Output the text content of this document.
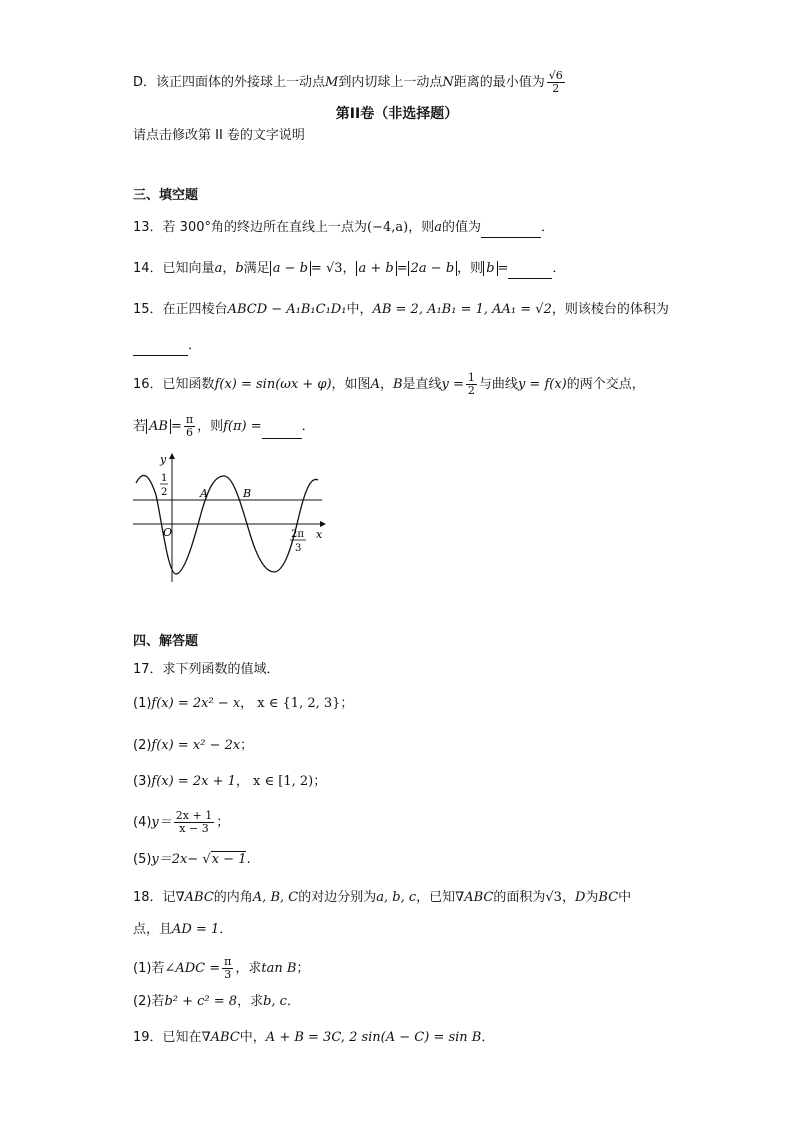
D．该正四面体的外接球上一动点M到内切球上一动点N距离的最小值为 $\frac{√6}{2}$
第II卷（非选择题）
请点击修改第 II 卷的文字说明
三、填空题
13．若 300°角的终边所在直线上一点为(−4,a)，则a的值为	．
14．已知向量a，b满足 a − b = √3， a + b = 2a − b ，则 b =	．
15．在正四棱台ABCD − A₁B₁C₁D₁中，AB = 2, A₁B₁ = 1, AA₁ = √2，则该棱台的体积为
．
16．已知函数f(x) = sin(ωx + φ)，如图A，B是直线$y = \frac{1}{2}$ 与曲线y = f(x)的两个交点，
若 AB = $\frac{\pi}{6}$ ，则f(π) =	．
y
x
O
1
2	A	B
2π
3
四、解答题
17．求下列函数的值域．
(1)f(x) = 2x² − x， x ∈ {1, 2, 3}；
(2)f(x) = x² − 2x；
(3)f(x) = 2x + 1， x ∈ [1, 2)；
$(4)y= \frac{2x + 1}{x - 3}$ ；
(5)y＝2x− √x − 1.
18．记∇ABC的内角A, B, C的对边分别为a, b, c，已知∇ABC的面积为√3，D为BC中
点，且AD = 1．
(1)若∠ADC = $\frac{\pi}{3}$ ，求tan B；
(2)若b² + c² = 8，求b, c．
19．已知在∇ABC中，A + B = 3C, 2 sin(A − C) = sin B．
